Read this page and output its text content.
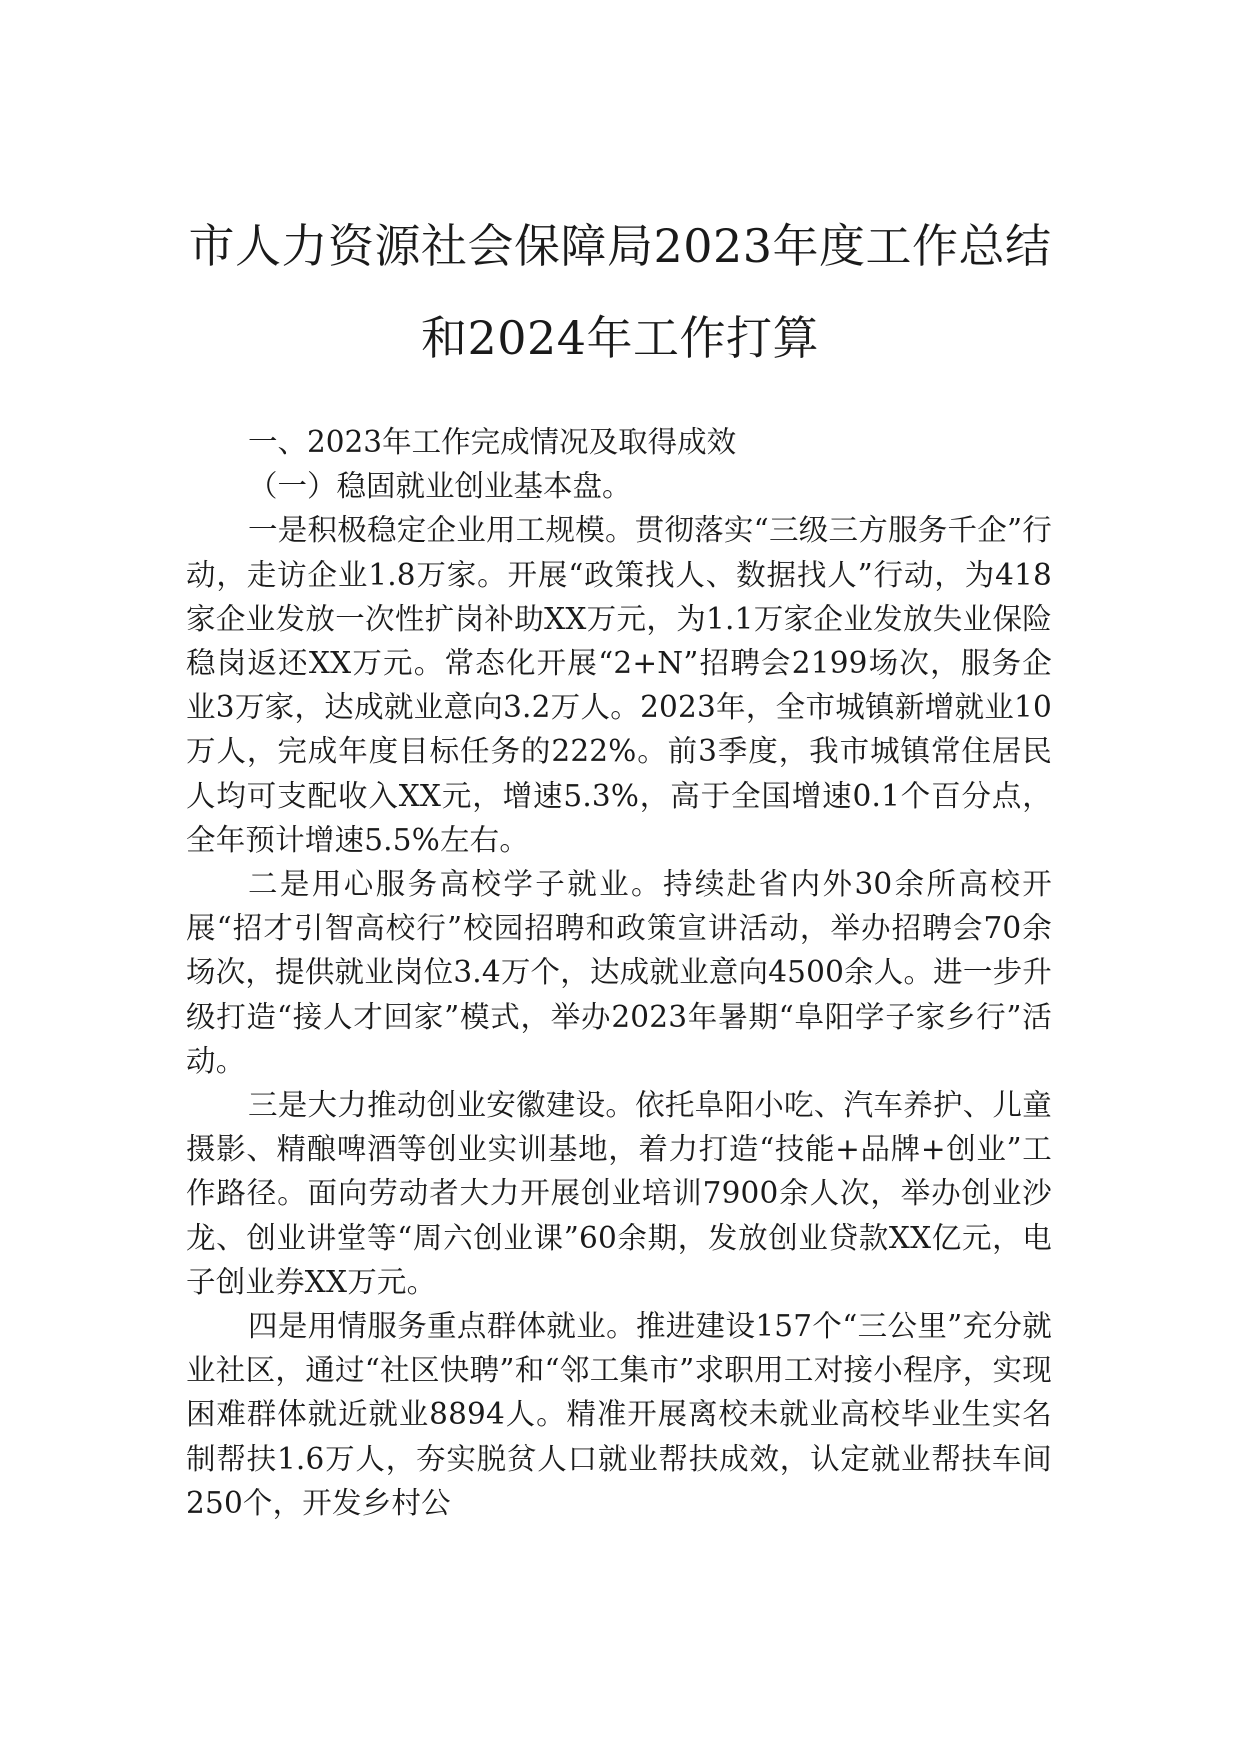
市人力资源社会保障局2023年度工作总结
和2024年工作打算

一、2023年工作完成情况及取得成效

（一）稳固就业创业基本盘。

一是积极稳定企业用工规模。贯彻落实“三级三方服务千企”行动，走访企业1.8万家。开展“政策找人、数据找人”行动，为418家企业发放一次性扩岗补助XX万元，为1.1万家企业发放失业保险稳岗返还XX万元。常态化开展“2+N”招聘会2199场次，服务企业3万家，达成就业意向3.2万人。2023年，全市城镇新增就业10万人，完成年度目标任务的222%。前3季度，我市城镇常住居民人均可支配收入XX元，增速5.3%，高于全国增速0.1个百分点，全年预计增速5.5%左右。

二是用心服务高校学子就业。持续赴省内外30余所高校开展“招才引智高校行”校园招聘和政策宣讲活动，举办招聘会70余场次，提供就业岗位3.4万个，达成就业意向4500余人。进一步升级打造“接人才回家”模式，举办2023年暑期“阜阳学子家乡行”活动。

三是大力推动创业安徽建设。依托阜阳小吃、汽车养护、儿童摄影、精酿啤酒等创业实训基地，着力打造“技能+品牌+创业”工作路径。面向劳动者大力开展创业培训7900余人次，举办创业沙龙、创业讲堂等“周六创业课”60余期，发放创业贷款XX亿元，电子创业券XX万元。

四是用情服务重点群体就业。推进建设157个“三公里”充分就业社区，通过“社区快聘”和“邻工集市”求职用工对接小程序，实现困难群体就近就业8894人。精准开展离校未就业高校毕业生实名制帮扶1.6万人，夯实脱贫人口就业帮扶成效，认定就业帮扶车间250个，开发乡村公
